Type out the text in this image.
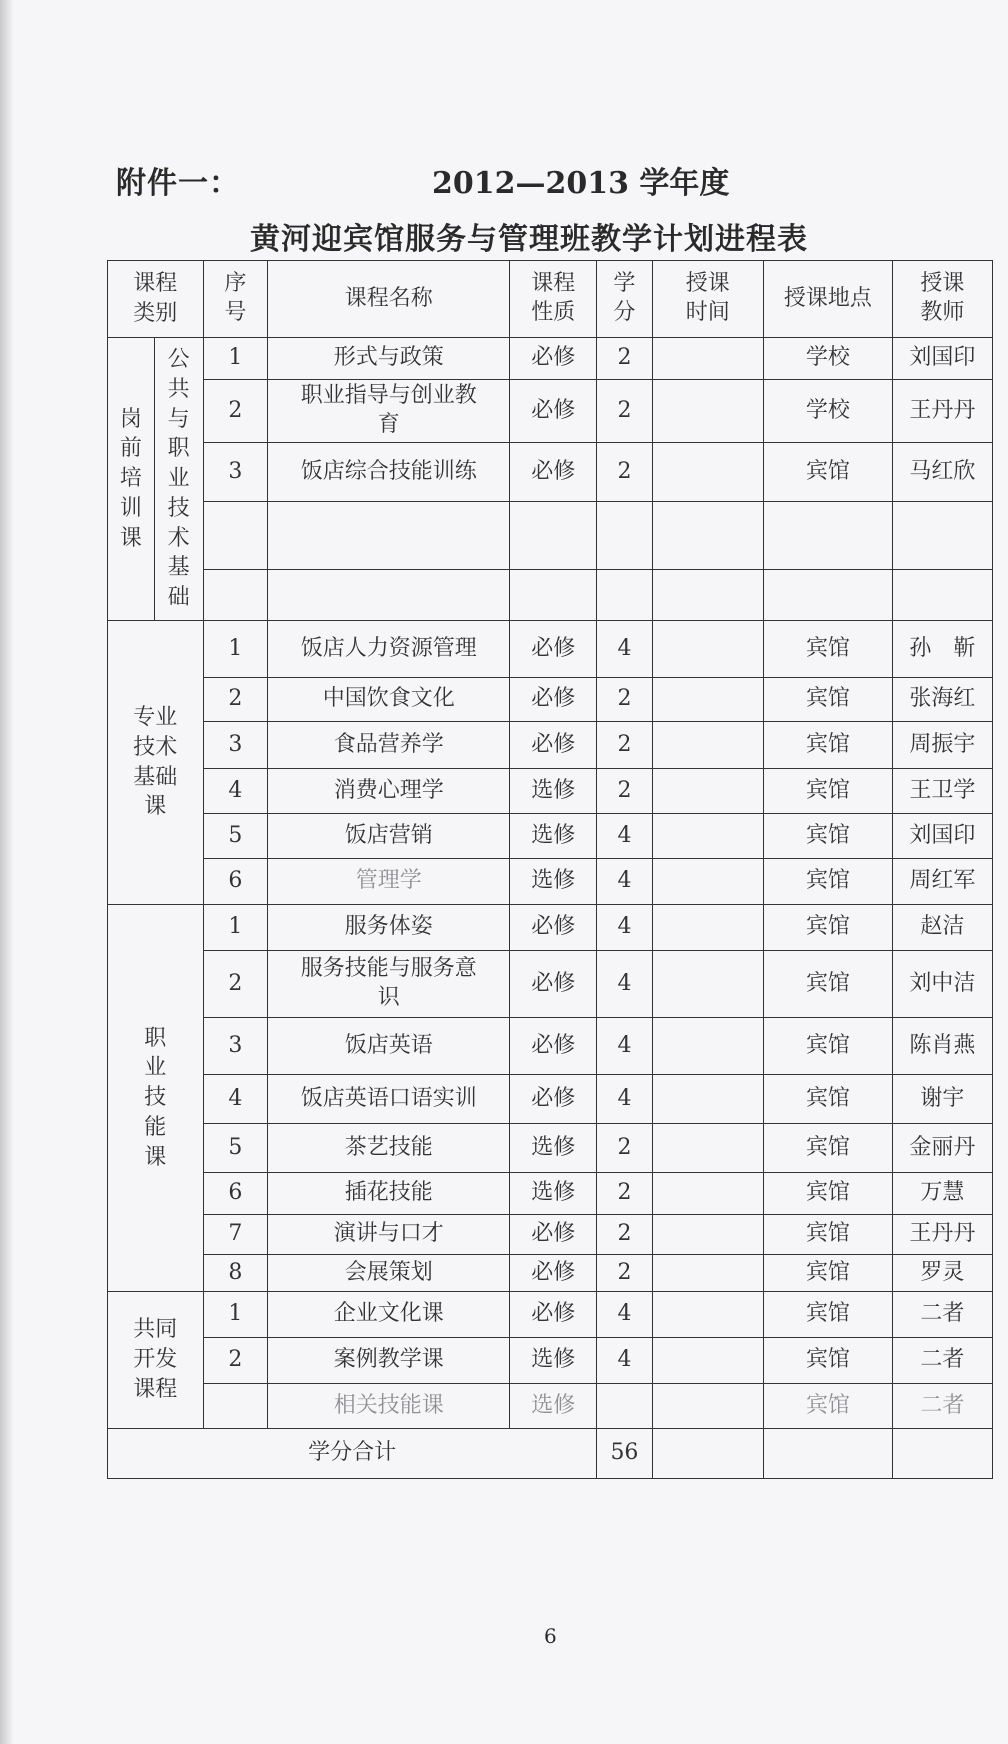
附件一：	2012—2013 学年度
黄河迎宾馆服务与管理班教学计划进程表
课程类别		序号	课程名称	课程性质	学分	授课时间	授课地点	授课教师
岗前培训课	公共与职业技术基础	1	形式与政策	必修	2		学校	刘国印
		2	职业指导与创业教育	必修	2		学校	王丹丹
		3	饭店综合技能训练	必修	2		宾馆	马红欣

专业技术基础课		1	饭店人力资源管理	必修	4		宾馆	孙　靳
		2	中国饮食文化	必修	2		宾馆	张海红
		3	食品营养学	必修	2		宾馆	周振宇
		4	消费心理学	选修	2		宾馆	王卫学
		5	饭店营销	选修	4		宾馆	刘国印
		6	管理学	选修	4		宾馆	周红军
职业技能课		1	服务体姿	必修	4		宾馆	赵洁
		2	服务技能与服务意识	必修	4		宾馆	刘中洁
		3	饭店英语	必修	4		宾馆	陈肖燕
		4	饭店英语口语实训	必修	4		宾馆	谢宇
		5	茶艺技能	选修	2		宾馆	金丽丹
		6	插花技能	选修	2		宾馆	万慧
		7	演讲与口才	必修	2		宾馆	王丹丹
		8	会展策划	必修	2		宾馆	罗灵
共同开发课程		1	企业文化课	必修	4		宾馆	二者
		2	案例教学课	选修	4		宾馆	二者
			相关技能课	选修			宾馆	二者
学分合计					56			
6
